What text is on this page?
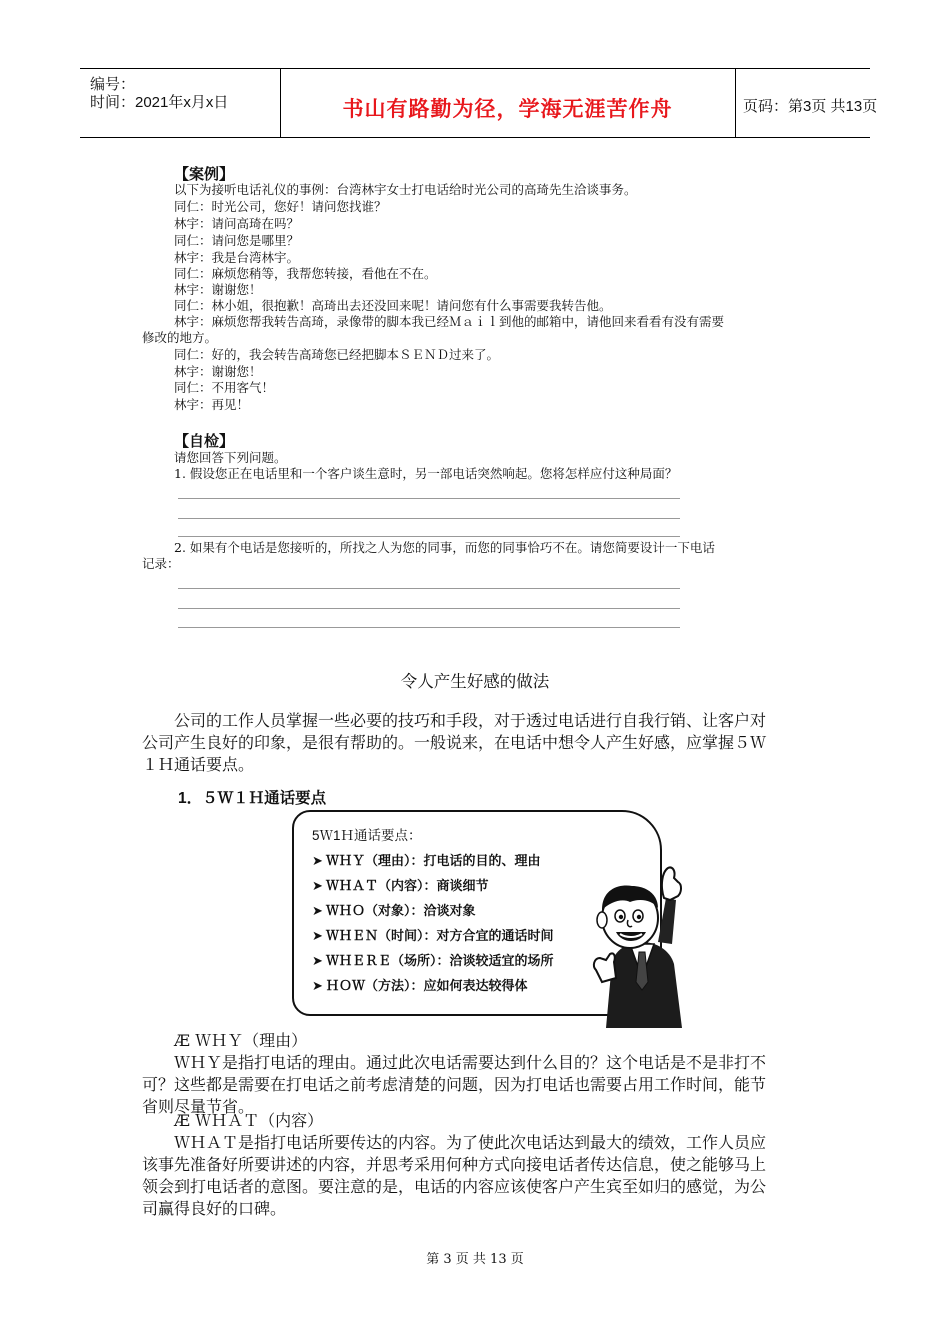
编号：
时间：2021年x月x日	书山有路勤为径，学海无涯苦作舟	页码：第3页 共13页
【案例】
以下为接听电话礼仪的事例：台湾林宇女士打电话给时光公司的高琦先生洽谈事务。
同仁：时光公司，您好！请问您找谁？
林宇：请问高琦在吗？
同仁：请问您是哪里？
林宇：我是台湾林宇。
同仁：麻烦您稍等，我帮您转接，看他在不在。
林宇：谢谢您！
同仁：林小姐，很抱歉！高琦出去还没回来呢！请问您有什么事需要我转告他。
林宇：麻烦您帮我转告高琦，录像带的脚本我已经Ｍａｉｌ到他的邮箱中，请他回来看看有没有需要
修改的地方。
同仁：好的，我会转告高琦您已经把脚本ＳＥＮＤ过来了。
林宇：谢谢您！
同仁：不用客气！
林宇：再见！
【自检】
请您回答下列问题。
1. 假设您正在电话里和一个客户谈生意时，另一部电话突然响起。您将怎样应付这种局面？
2. 如果有个电话是您接听的，所找之人为您的同事，而您的同事恰巧不在。请您简要设计一下电话
记录：
令人产生好感的做法
公司的工作人员掌握一些必要的技巧和手段，对于透过电话进行自我行销、让客户对
公司产生良好的印象，是很有帮助的。一般说来，在电话中想令人产生好感，应掌握５Ｗ
１Ｈ通话要点。
1．５Ｗ１Ｈ通话要点
5Ｗ1Ｈ通话要点：
➤ ＷＨＹ（理由）：打电话的目的、理由
➤ ＷＨＡＴ（内容）：商谈细节
➤ ＷＨＯ（对象）：洽谈对象
➤ ＷＨＥＮ（时间）：对方合宜的通话时间
➤ ＷＨＥＲＥ（场所）：洽谈较适宜的场所
➤ ＨＯＷ（方法）：应如何表达较得体
Æ ＷＨＹ（理由）
ＷＨＹ是指打电话的理由。通过此次电话需要达到什么目的？这个电话是不是非打不
可？这些都是需要在打电话之前考虑清楚的问题，因为打电话也需要占用工作时间，能节
省则尽量节省。
Æ ＷＨＡＴ（内容）
ＷＨＡＴ是指打电话所要传达的内容。为了使此次电话达到最大的绩效，工作人员应
该事先准备好所要讲述的内容，并思考采用何种方式向接电话者传达信息，使之能够马上
领会到打电话者的意图。要注意的是，电话的内容应该使客户产生宾至如归的感觉，为公
司赢得良好的口碑。
第 3 页 共 13 页
